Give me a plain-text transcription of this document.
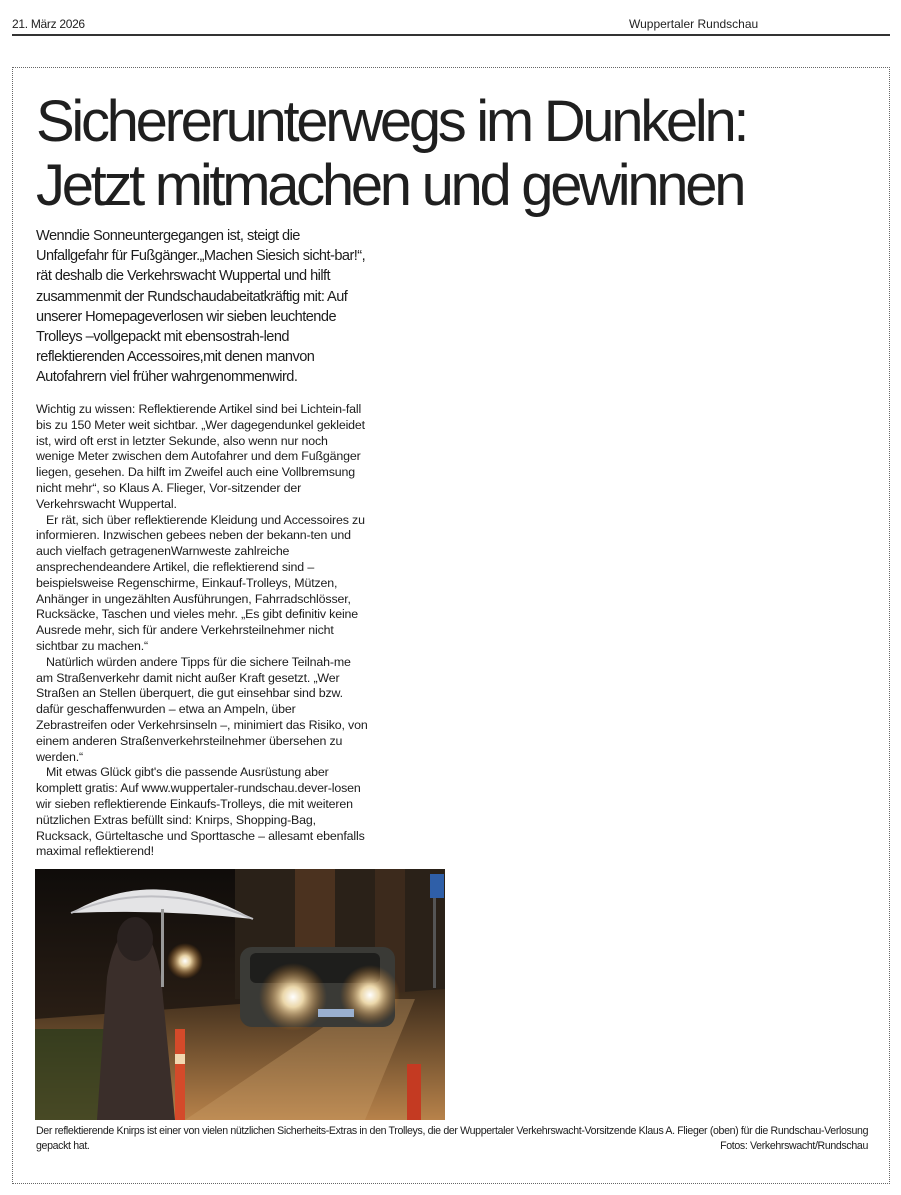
21. März 2026	Wuppertaler Rundschau
Sichererunterwegs im Dunkeln:
Jetzt mitmachen und gewinnen
Wenndie Sonneuntergegangen ist, steigt die Unfallgefahr für Fußgänger.„Machen Siesich sicht-bar!“, rät deshalb die Verkehrswacht Wuppertal und hilft zusammenmit der Rundschaudabeitatkräftig mit: Auf unserer Homepageverlosen wir sieben leuchtende Trolleys –vollgepackt mit ebensostrah-lend reflektierenden Accessoires,mit denen manvon Autofahrern viel früher wahrgenommenwird.

Wichtig zu wissen: Reflektierende Artikel sind bei Lichtein-fall bis zu 150 Meter weit sichtbar. „Wer dagegendunkel gekleidet ist, wird oft erst in letzter Sekunde, also wenn nur noch wenige Meter zwischen dem Autofahrer und dem Fußgänger liegen, gesehen. Da hilft im Zweifel auch eine Vollbremsung nicht mehr“, so Klaus A. Flieger, Vor-sitzender der Verkehrswacht Wuppertal.

Er rät, sich über reflektierende Kleidung und Accessoires zu informieren. Inzwischen gebees neben der bekann-ten und auch vielfach getragenenWarnweste zahlreiche ansprechendeandere Artikel, die reflektierend sind – beispielsweise Regenschirme, Einkauf-Trolleys, Mützen, Anhänger in ungezählten Ausführungen, Fahrradschlösser, Rucksäcke, Taschen und vieles mehr. „Es gibt definitiv keine Ausrede mehr, sich für andere Verkehrsteilnehmer nicht sichtbar zu machen.“

Natürlich würden andere Tipps für die sichere Teilnah-me am Straßenverkehr damit nicht außer Kraft gesetzt. „Wer Straßen an Stellen überquert, die gut einsehbar sind bzw. dafür geschaffenwurden – etwa an Ampeln, über Zebrastreifen oder Verkehrsinseln –, minimiert das Risiko, von einem anderen Straßenverkehrsteilnehmer übersehen zu werden.“

Mit etwas Glück gibt's die passende Ausrüstung aber komplett gratis: Auf www.wuppertaler-rundschau.dever-losen wir sieben reflektierende Einkaufs-Trolleys, die mit weiteren nützlichen Extras befüllt sind: Knirps, Shopping-Bag, Rucksack, Gürteltasche und Sporttasche – allesamt ebenfalls maximal reflektierend!

Der reflektierende Knirps ist einer von vielen nützlichen Sicherheits-Extras in den Trolleys, die der Wuppertaler Verkehrswacht-Vorsitzende Klaus A. Flieger (oben) für die Rundschau-Verlosung gepackt hat.	Fotos: Verkehrswacht/Rundschau
